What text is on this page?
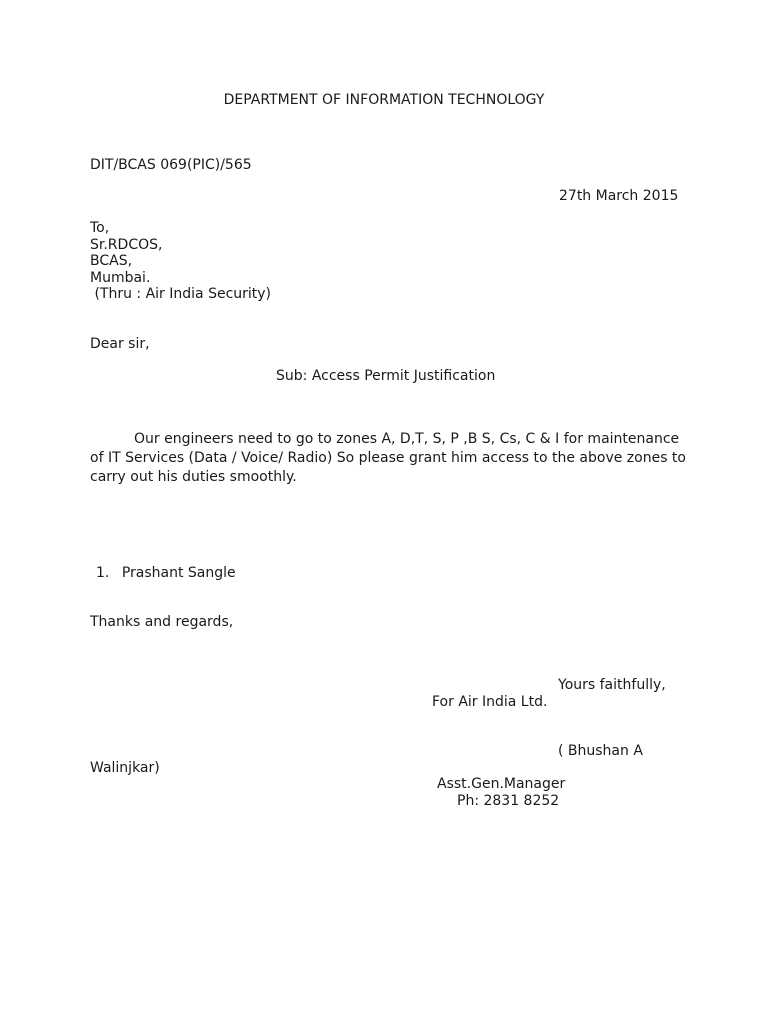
DEPARTMENT OF INFORMATION TECHNOLOGY
DIT/BCAS 069(PIC)/565
27th March 2015
To,
Sr.RDCOS,
BCAS,
Mumbai.
(Thru : Air India Security)
Dear sir,
Sub: Access Permit Justification
Our engineers need to go to zones A, D,T, S, P ,B S, Cs, C & I for maintenance of IT Services (Data / Voice/ Radio) So please grant him access to the above zones to carry out his duties smoothly.
1. Prashant Sangle
Thanks and regards,
Yours faithfully,
For Air India Ltd.
( Bhushan A
Walinjkar)
Asst.Gen.Manager
Ph: 2831 8252
